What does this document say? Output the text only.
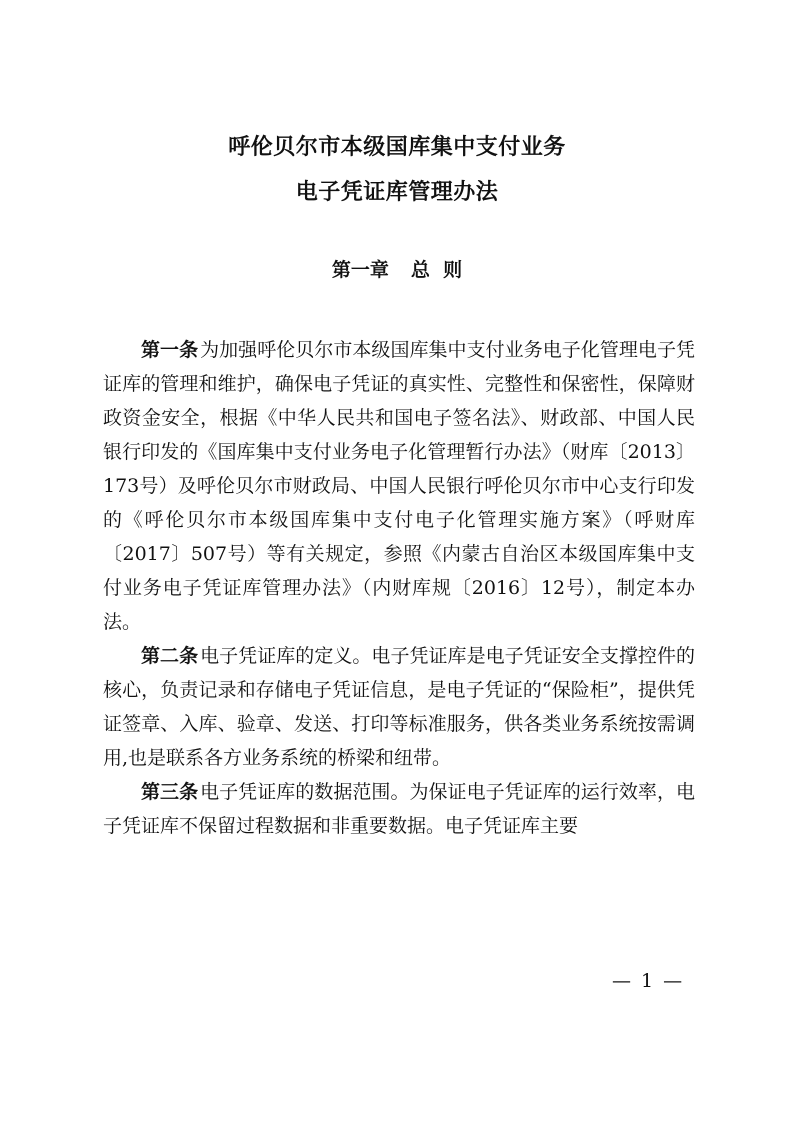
呼伦贝尔市本级国库集中支付业务
电子凭证库管理办法
第一章 总  则

第一条 为加强呼伦贝尔市本级国库集中支付业务电子化管理电子凭证库的管理和维护，确保电子凭证的真实性、完整性和保密性，保障财政资金安全，根据《中华人民共和国电子签名法》、财政部、中国人民银行印发的《国库集中支付业务电子化管理暂行办法》（财库〔2013〕173号）及呼伦贝尔市财政局、中国人民银行呼伦贝尔市中心支行印发的《呼伦贝尔市本级国库集中支付电子化管理实施方案》（呼财库〔2017〕507号）等有关规定，参照《内蒙古自治区本级国库集中支付业务电子凭证库管理办法》（内财库规〔2016〕12号），制定本办法。

第二条 电子凭证库的定义。电子凭证库是电子凭证安全支撑控件的核心，负责记录和存储电子凭证信息，是电子凭证的“保险柜”，提供凭证签章、入库、验章、发送、打印等标准服务，供各类业务系统按需调用,也是联系各方业务系统的桥梁和纽带。

第三条 电子凭证库的数据范围。为保证电子凭证库的运行效率，电子凭证库不保留过程数据和非重要数据。电子凭证库主要

— 1 —
